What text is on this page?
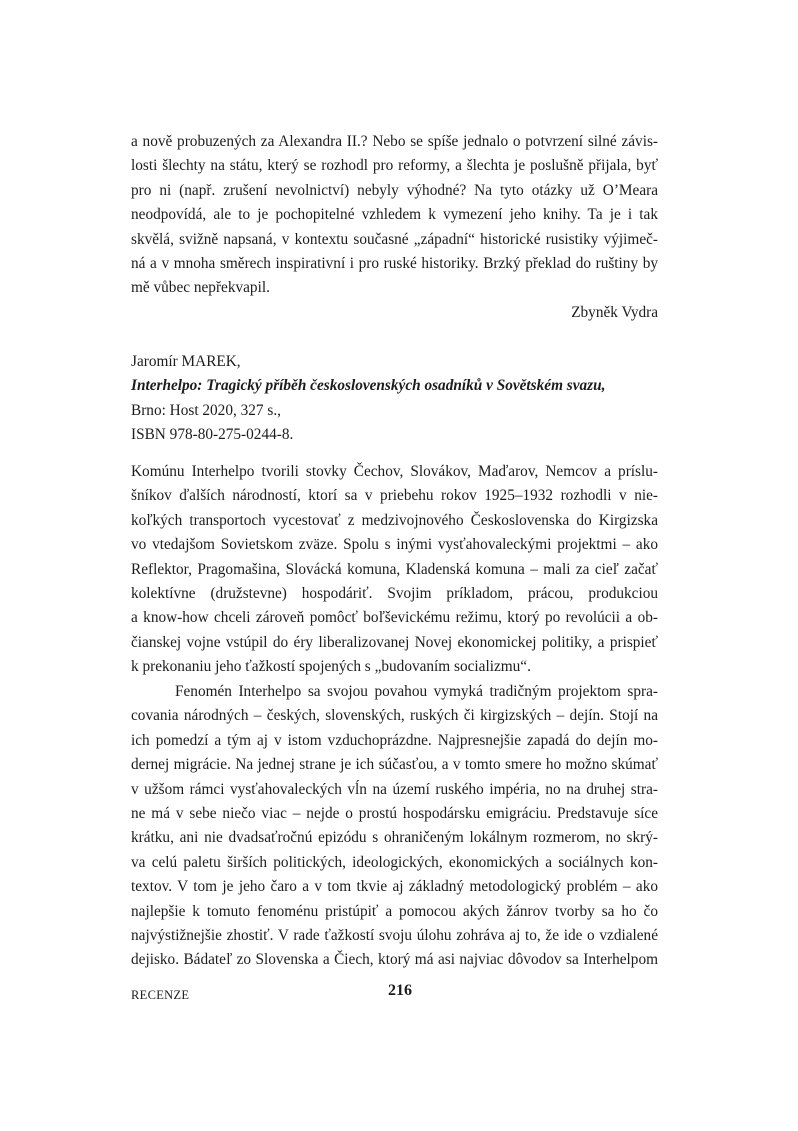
a nově probuzených za Alexandra II.? Nebo se spíše jednalo o potvrzení silné závis-
losti šlechty na státu, který se rozhodl pro reformy, a šlechta je poslušně přijala, byť
pro ni (např. zrušení nevolnictví) nebyly výhodné? Na tyto otázky už O’Meara
neodpovídá, ale to je pochopitelné vzhledem k vymezení jeho knihy. Ta je i tak
skvělá, svižně napsaná, v kontextu současné „západní“ historické rusistiky výjimeč-
ná a v mnoha směrech inspirativní i pro ruské historiky. Brzký překlad do ruštiny by
mě vůbec nepřekvapil.
Zbyněk Vydra
Jaromír MAREK,
Interhelpo: Tragický příběh československých osadníků v Sovětském svazu,
Brno: Host 2020, 327 s.,
ISBN 978-80-275-0244-8.
Komúnu Interhelpo tvorili stovky Čechov, Slovákov, Maďarov, Nemcov a príslu-
šníkov ďalších národností, ktorí sa v priebehu rokov 1925–1932 rozhodli v nie-
koľkých transportoch vycestovať z medzivojnového Československa do Kirgizska
vo vtedajšom Sovietskom zväze. Spolu s inými vysťahovaleckými projektmi – ako
Reflektor, Pragomašina, Slovácká komuna, Kladenská komuna – mali za cieľ začať
kolektívne (družstevne) hospodáriť. Svojim príkladom, prácou, produkciou
a know-how chceli zároveň pomôcť boľševickému režimu, ktorý po revolúcii a ob-
čianskej vojne vstúpil do éry liberalizovanej Novej ekonomickej politiky, a prispieť
k prekonaniu jeho ťažkostí spojených s „budovaním socializmu“.
Fenomén Interhelpo sa svojou povahou vymyká tradičným projektom spra-
covania národných – českých, slovenských, ruských či kirgizských – dejín. Stojí na
ich pomedzí a tým aj v istom vzduchoprázdne. Najpresnejšie zapadá do dejín mo-
dernej migrácie. Na jednej strane je ich súčasťou, a v tomto smere ho možno skúmať
v užšom rámci vysťahovaleckých vĺn na území ruského impéria, no na druhej stra-
ne má v sebe niečo viac – nejde o prostú hospodársku emigráciu. Predstavuje síce
krátku, ani nie dvadsaťročnú epizódu s ohraničeným lokálnym rozmerom, no skrý-
va celú paletu širších politických, ideologických, ekonomických a sociálnych kon-
textov. V tom je jeho čaro a v tom tkvie aj základný metodologický problém – ako
najlepšie k tomuto fenoménu pristúpiť a pomocou akých žánrov tvorby sa ho čo
najvýstižnejšie zhostiť. V rade ťažkostí svoju úlohu zohráva aj to, že ide o vzdialené
dejisko. Bádateľ zo Slovenska a Čiech, ktorý má asi najviac dôvodov sa Interhelpom
RECENZE	216
